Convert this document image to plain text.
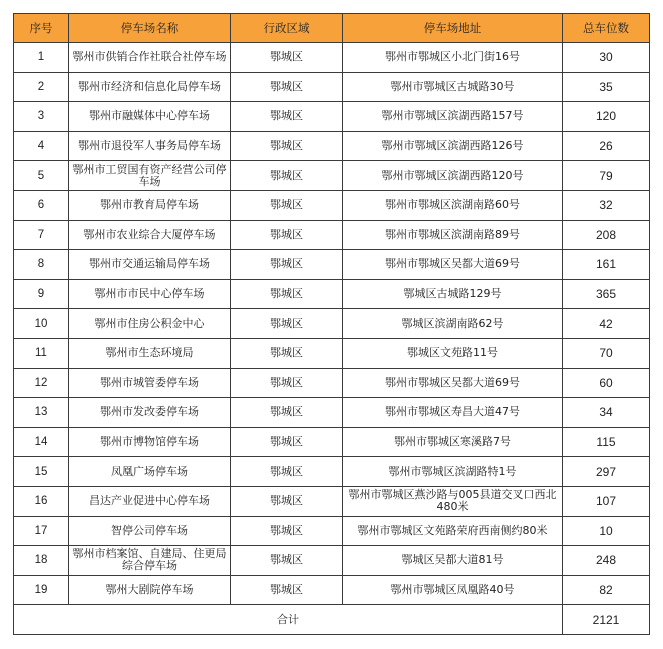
序号	停车场名称	行政区域	停车场地址	总车位数
1	鄂州市供销合作社联合社停车场	鄂城区	鄂州市鄂城区小北门街16号	30
2	鄂州市经济和信息化局停车场	鄂城区	鄂州市鄂城区古城路30号	35
3	鄂州市融媒体中心停车场	鄂城区	鄂州市鄂城区滨湖西路157号	120
4	鄂州市退役军人事务局停车场	鄂城区	鄂州市鄂城区滨湖西路126号	26
5	鄂州市工贸国有资产经营公司停车场	鄂城区	鄂州市鄂城区滨湖西路120号	79
6	鄂州市教育局停车场	鄂城区	鄂州市鄂城区滨湖南路60号	32
7	鄂州市农业综合大厦停车场	鄂城区	鄂州市鄂城区滨湖南路89号	208
8	鄂州市交通运输局停车场	鄂城区	鄂州市鄂城区吴都大道69号	161
9	鄂州市市民中心停车场	鄂城区	鄂城区古城路129号	365
10	鄂州市住房公积金中心	鄂城区	鄂城区滨湖南路62号	42
11	鄂州市生态环境局	鄂城区	鄂城区文苑路11号	70
12	鄂州市城管委停车场	鄂城区	鄂州市鄂城区吴都大道69号	60
13	鄂州市发改委停车场	鄂城区	鄂州市鄂城区寿昌大道47号	34
14	鄂州市博物馆停车场	鄂城区	鄂州市鄂城区寒溪路7号	115
15	凤凰广场停车场	鄂城区	鄂州市鄂城区滨湖路特1号	297
16	昌达产业促进中心停车场	鄂城区	鄂州市鄂城区燕沙路与005县道交叉口西北480米	107
17	智停公司停车场	鄂城区	鄂州市鄂城区文苑路荣府西南侧约80米	10
18	鄂州市档案馆、自建局、住更局综合停车场	鄂城区	鄂城区吴都大道81号	248
19	鄂州大剧院停车场	鄂城区	鄂州市鄂城区凤凰路40号	82
合计				2121
